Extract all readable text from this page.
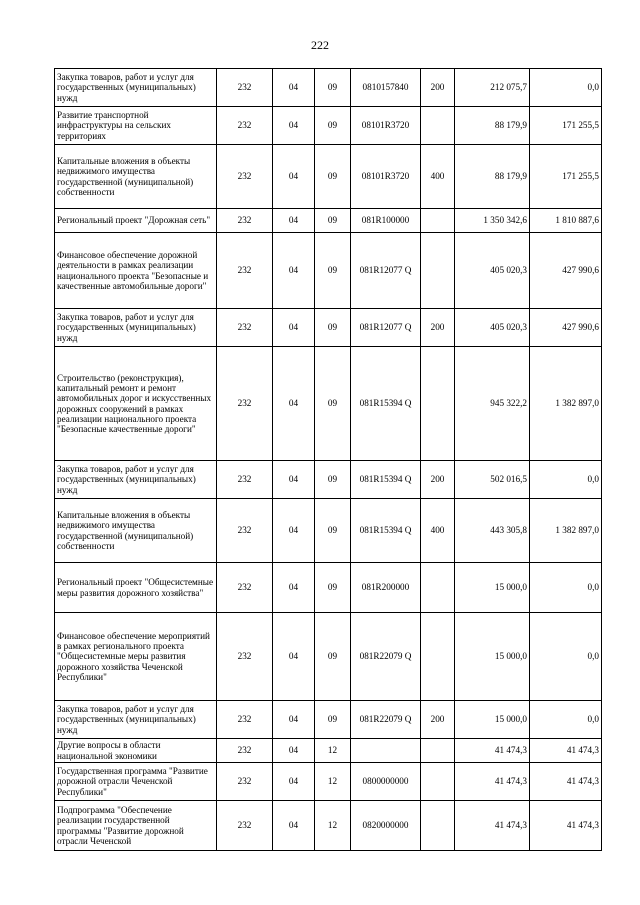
222
Закупка товаров, работ и услуг для государственных (муниципальных) нужд	232	04	09	0810157840	200	212 075,7	0,0
Развитие транспортной инфраструктуры на сельских территориях	232	04	09	08101R3720		88 179,9	171 255,5
Капитальные вложения в объекты недвижимого имущества государственной (муниципальной) собственности	232	04	09	08101R3720	400	88 179,9	171 255,5
Региональный проект "Дорожная сеть"	232	04	09	081R100000		1 350 342,6	1 810 887,6
Финансовое обеспечение дорожной деятельности в рамках реализации национального проекта "Безопасные и качественные автомобильные дороги"	232	04	09	081R12077 Q		405 020,3	427 990,6
Закупка товаров, работ и услуг для государственных (муниципальных) нужд	232	04	09	081R12077 Q	200	405 020,3	427 990,6
Строительство (реконструкция), капитальный ремонт и ремонт автомобильных дорог и искусственных дорожных сооружений в рамках реализации национального проекта "Безопасные качественные дороги"	232	04	09	081R15394 Q		945 322,2	1 382 897,0
Закупка товаров, работ и услуг для государственных (муниципальных) нужд	232	04	09	081R15394 Q	200	502 016,5	0,0
Капитальные вложения в объекты недвижимого имущества государственной (муниципальной) собственности	232	04	09	081R15394 Q	400	443 305,8	1 382 897,0
Региональный проект "Общесистемные меры развития дорожного хозяйства"	232	04	09	081R200000		15 000,0	0,0
Финансовое обеспечение мероприятий в рамках регионального проекта "Общесистемные меры развития дорожного хозяйства Чеченской Республики"	232	04	09	081R22079 Q		15 000,0	0,0
Закупка товаров, работ и услуг для государственных (муниципальных) нужд	232	04	09	081R22079 Q	200	15 000,0	0,0
Другие вопросы в области национальной экономики	232	04	12			41 474,3	41 474,3
Государственная программа "Развитие дорожной отрасли Чеченской Республики"	232	04	12	0800000000		41 474,3	41 474,3
Подпрограмма "Обеспечение реализации государственной программы "Развитие дорожной отрасли Чеченской	232	04	12	0820000000		41 474,3	41 474,3
